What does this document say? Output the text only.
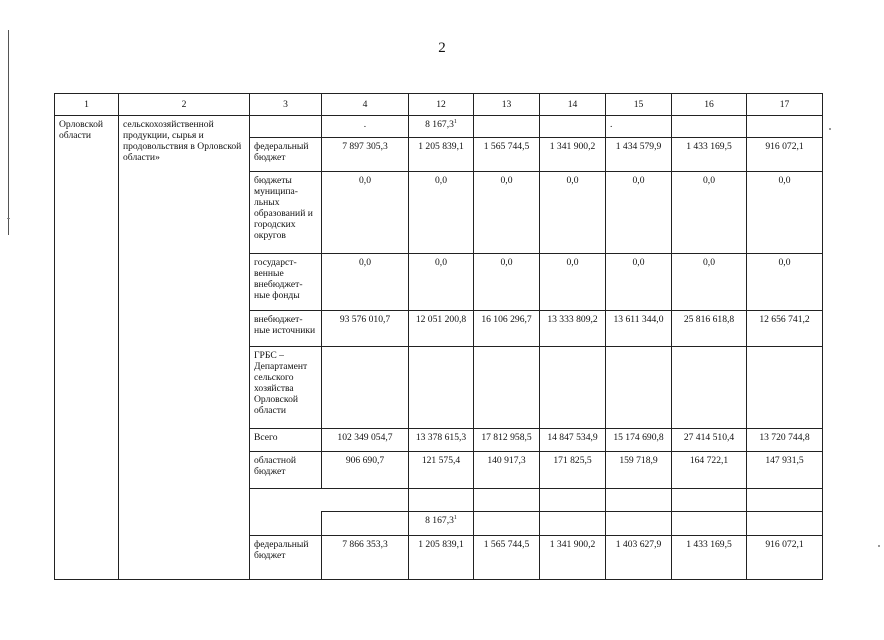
2
1	2	3	4	12	13	14	15	16	17
Орловской области	сельскохозяйственной продукции, сырья и продовольствия в Орловской области»		.	8 167,3$^1$			.		
		федеральный бюджет	7 897 305,3	1 205 839,1	1 565 744,5	1 341 900,2	1 434 579,9	1 433 169,5	916 072,1
		бюджеты муниципа-льных образований и городских округов	0,0	0,0	0,0	0,0	0,0	0,0	0,0
		государст-венные внебюджет-ные фонды	0,0	0,0	0,0	0,0	0,0	0,0	0,0
		внебюджет-ные источники	93 576 010,7	12 051 200,8	16 106 296,7	13 333 809,2	13 611 344,0	25 816 618,8	12 656 741,2
		ГРБС – Департамент сельского хозяйства Орловской области							
		Всего	102 349 054,7	13 378 615,3	17 812 958,5	14 847 534,9	15 174 690,8	27 414 510,4	13 720 744,8
		областной бюджет	906 690,7	121 575,4	140 917,3	171 825,5	159 718,9	164 722,1	147 931,5

				8 167,3$^1$					
		федеральный бюджет	7 866 353,3	1 205 839,1	1 565 744,5	1 341 900,2	1 403 627,9	1 433 169,5	916 072,1
